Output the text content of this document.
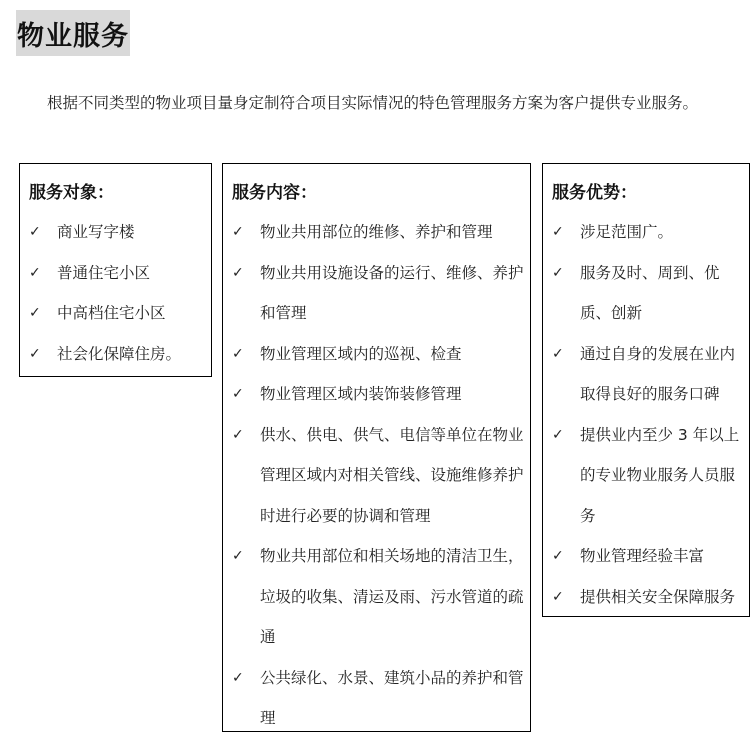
物业服务
根据不同类型的物业项目量身定制符合项目实际情况的特色管理服务方案为客户提供专业服务。
服务对象：
✓	商业写字楼
✓	普通住宅小区
✓	中高档住宅小区
✓	社会化保障住房。
服务内容：
✓	物业共用部位的维修、养护和管理
✓	物业共用设施设备的运行、维修、养护和管理
✓	物业管理区域内的巡视、检查
✓	物业管理区域内装饰装修管理
✓	供水、供电、供气、电信等单位在物业管理区域内对相关管线、设施维修养护时进行必要的协调和管理
✓	物业共用部位和相关场地的清洁卫生，垃圾的收集、清运及雨、污水管道的疏通
✓	公共绿化、水景、建筑小品的养护和管理
服务优势：
✓	涉足范围广。
✓	服务及时、周到、优质、创新
✓	通过自身的发展在业内取得良好的服务口碑
✓	提供业内至少 3 年以上的专业物业服务人员服务
✓	物业管理经验丰富
✓	提供相关安全保障服务
